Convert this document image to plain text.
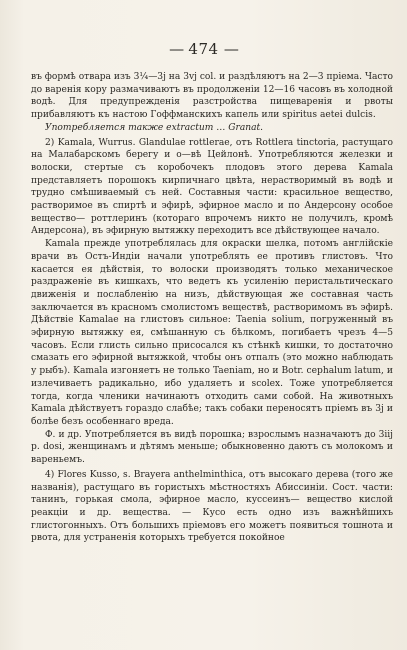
— 474 —

въ формѣ отвара изъ 3¼—3ј на 3vj col. и раздѣляютъ на 2—3 пріема. Часто до варенія кору размачиваютъ въ продолженіи 12—16 часовъ въ холодной водѣ. Для предупрежденія разстройства пищеваренія и рвоты прибавляютъ къ настою Гоффманскихъ капель или spiritus aetei dulcis.

Употребляется также extractum … Granat.

2) Kamala, Wurrus. Glandulae rottlerae, отъ Rottlera tinctoria, растущаго на Малабарскомъ берегу и о—вѣ Цейлонѣ. Употребляются железки и волоски, стертые съ коробочекъ плодовъ этого дерева Kamala представляетъ порошокъ кирпичнаго цвѣта, нерастворимый въ водѣ и трудно смѣшиваемый съ ней. Составныя части: красильное вещество, растворимое въ спиртѣ и эфирѣ, эфирное масло и по Андерсону особое вещество— роттлеринъ (котораго впрочемъ никто не получилъ, кромѣ Андерсона), въ эфирную вытяжку переходитъ все дѣйствующее начало.

Kamala прежде употреблялась для окраски шелка, потомъ англійскіе врачи въ Остъ-Индіи начали употреблять ее противъ глистовъ. Что касается ея дѣйствія, то волоски производятъ только механическое раздраженіе въ кишкахъ, что ведетъ къ усиленію перистальтическаго движенія и послабленію на низъ, дѣйствующая же составная часть заключается въ красномъ смолистомъ веществѣ, растворимомъ въ эфирѣ. Дѣйствіе Kamalae на глистовъ сильное: Taenia solium, погруженный въ эфирную вытяжку ея, смѣшанную съ бѣлкомъ, погибаетъ чрезъ 4—5 часовъ. Если глисть сильно присосался къ стѣнкѣ кишки, то достаточно смазать его эфирной вытяжкой, чтобы онъ отпалъ (это можно наблюдать у рыбъ). Kamala изгоняетъ не только Taeniam, но и Botr. cephalum latum, и излечиваетъ радикально, ибо удаляетъ и scolex. Тоже употребляется тогда, когда членики начинаютъ отходить сами собой. На животныхъ Kamala дѣйствуетъ гораздо слабѣе; такъ собаки переносятъ пріемъ въ 3ј и болѣе безъ особеннаго вреда.

Ф. и др. Употребляется въ видѣ порошка; взрослымъ назначаютъ до 3iij p. dosi, женщинамъ и дѣтямъ меньше; обыкновенно даютъ съ молокомъ и вареньемъ.

4) Flores Kusso, s. Brayera anthelminthica, отъ высокаго дерева (того же названія), растущаго въ гористыхъ мѣстностяхъ Абиссиніи. Сост. части: танинъ, горькая смола, эфирное масло, куссеинъ— вещество кислой реакціи и др. вещества. — Кусо есть одно изъ важнѣйшихъ глистогонныхъ. Отъ большихъ пріемовъ его можетъ появиться тошнота и рвота, для устраненія которыхъ требуется покойное
